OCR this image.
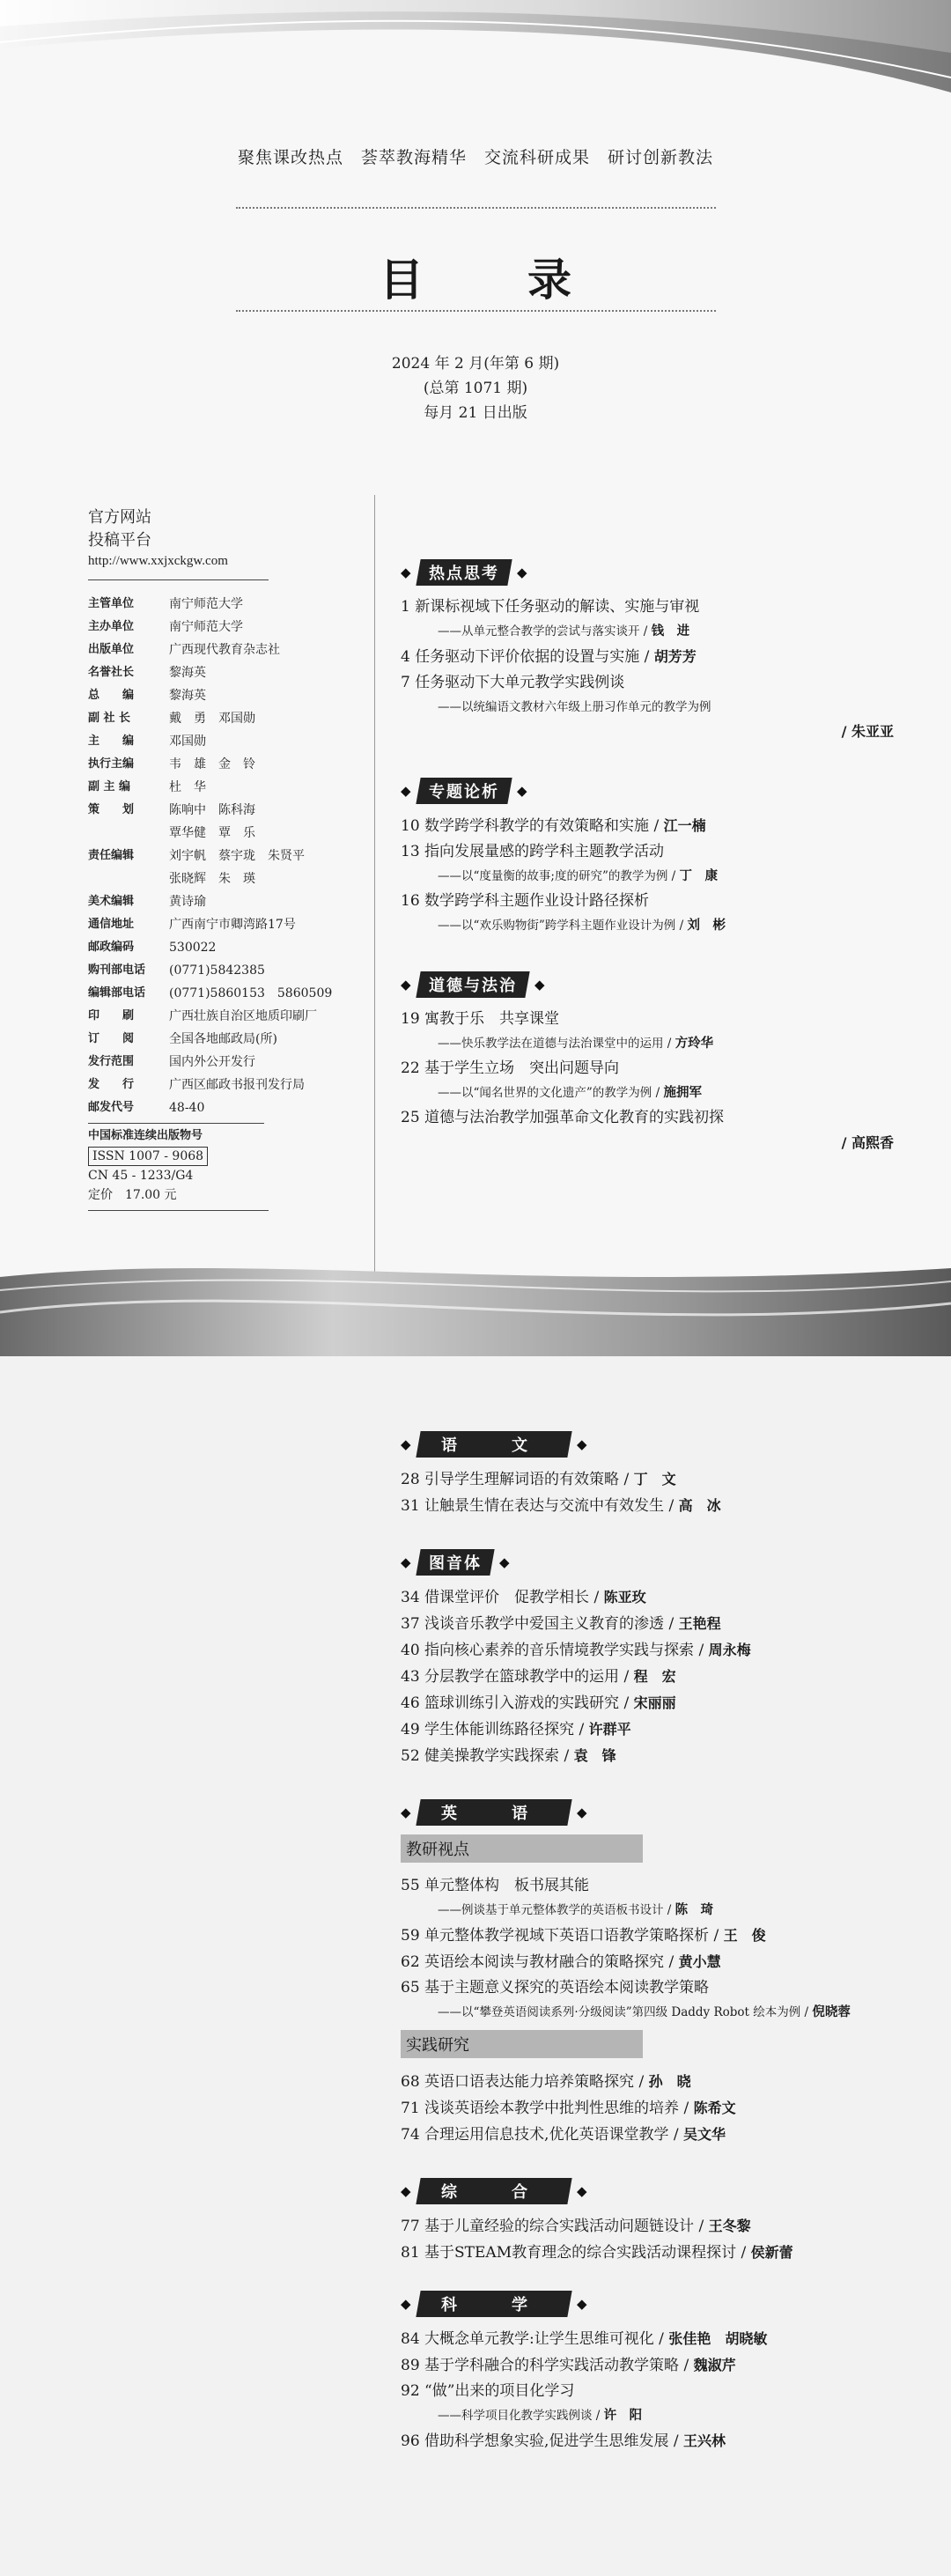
聚焦课改热点　荟萃教海精华　交流科研成果　研讨创新教法
目　录
2024 年 2 月(年第 6 期)
(总第 1071 期)
每月 21 日出版
官方网站
投稿平台
http://www.xxjxckgw.com
主管单位	南宁师范大学
主办单位	南宁师范大学
出版单位	广西现代教育杂志社
名誉社长	黎海英
总　　编	黎海英
副 社 长	戴　勇　邓国勋
主　　编	邓国勋
执行主编	韦　雄　金　铃
副 主 编	杜　华
策　　划	陈响中　陈科海
覃华健　覃　乐
责任编辑	刘宇帆　蔡宇珑　朱贤平
张晓辉　朱　瑛
美术编辑	黄诗瑜
通信地址	广西南宁市卿湾路17号
邮政编码	530022
购刊部电话	(0771)5842385
编辑部电话	(0771)5860153　5860509
印　　刷	广西壮族自治区地质印刷厂
订　　阅	全国各地邮政局(所)
发行范围	国内外公开发行
发　　行	广西区邮政书报刊发行局
邮发代号	48-40
中国标准连续出版物号
ISSN 1007 - 9068
CN 45 - 1233/G4
定价　17.00 元
◆	热点思考	◆
1 新课标视域下任务驱动的解读、实施与审视
——从单元整合教学的尝试与落实谈开 / 钱　进
4 任务驱动下评价依据的设置与实施 / 胡芳芳
7 任务驱动下大单元教学实践例谈
——以统编语文教材六年级上册习作单元的教学为例
/ 朱亚亚
◆	专题论析	◆
10 数学跨学科教学的有效策略和实施 / 江一楠
13 指向发展量感的跨学科主题教学活动
——以“度量衡的故事;度的研究”的教学为例 / 丁　康
16 数学跨学科主题作业设计路径探析
——以“欢乐购物街”跨学科主题作业设计为例 / 刘　彬
◆	道德与法治	◆
19 寓教于乐　共享课堂
——快乐教学法在道德与法治课堂中的运用 / 方玲华
22 基于学生立场　突出问题导向
——以“闻名世界的文化遗产”的教学为例 / 施拥军
25 道德与法治教学加强革命文化教育的实践初探
/ 高熙香
◆	语　文	◆
28 引导学生理解词语的有效策略 / 丁　文
31 让触景生情在表达与交流中有效发生 / 高　冰
◆	图音体	◆
34 借课堂评价　促教学相长 / 陈亚玫
37 浅谈音乐教学中爱国主义教育的渗透 / 王艳程
40 指向核心素养的音乐情境教学实践与探索 / 周永梅
43 分层教学在篮球教学中的运用 / 程　宏
46 篮球训练引入游戏的实践研究 / 宋丽丽
49 学生体能训练路径探究 / 许群平
52 健美操教学实践探索 / 袁　锋
◆	英　语	◆
教研视点
55 单元整体构　板书展其能
——例谈基于单元整体教学的英语板书设计 / 陈　琦
59 单元整体教学视域下英语口语教学策略探析 / 王　俊
62 英语绘本阅读与教材融合的策略探究 / 黄小慧
65 基于主题意义探究的英语绘本阅读教学策略
——以“攀登英语阅读系列·分级阅读”第四级 Daddy Robot 绘本为例 / 倪晓蓉
实践研究
68 英语口语表达能力培养策略探究 / 孙　晓
71 浅谈英语绘本教学中批判性思维的培养 / 陈希文
74 合理运用信息技术,优化英语课堂教学 / 吴文华
◆	综　合	◆
77 基于儿童经验的综合实践活动问题链设计 / 王冬黎
81 基于STEAM教育理念的综合实践活动课程探讨 / 侯新蕾
◆	科　学	◆
84 大概念单元教学:让学生思维可视化 / 张佳艳　胡晓敏
89 基于学科融合的科学实践活动教学策略 / 魏淑芹
92 “做”出来的项目化学习
——科学项目化教学实践例谈 / 许　阳
96 借助科学想象实验,促进学生思维发展 / 王兴林
